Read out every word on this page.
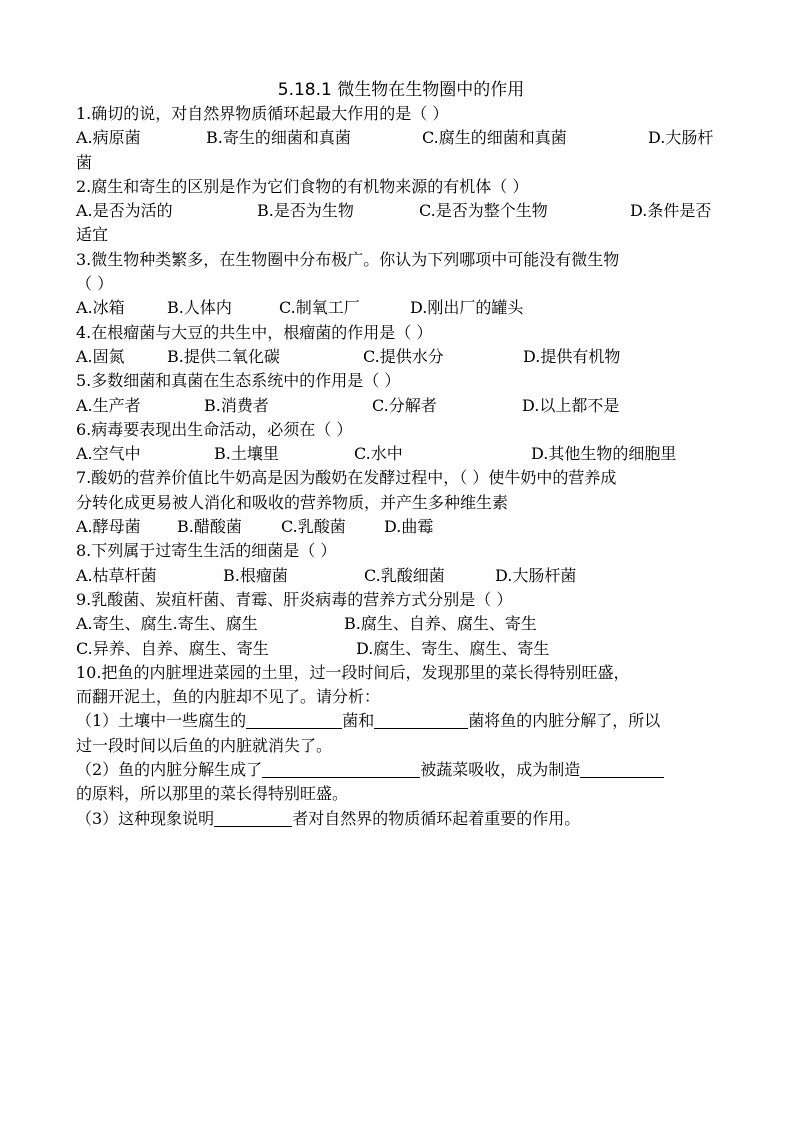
5.18.1 微生物在生物圈中的作用
1.确切的说，对自然界物质循环起最大作用的是（ ）
A.病原菌	B.寄生的细菌和真菌	C.腐生的细菌和真菌	D.大肠杆
菌
2.腐生和寄生的区别是作为它们食物的有机物来源的有机体（ ）
A.是否为活的	B.是否为生物	C.是否为整个生物	D.条件是否
适宜
3.微生物种类繁多，在生物圈中分布极广。你认为下列哪项中可能没有微生物
（ ）
A.冰箱	B.人体内	C.制氧工厂	D.刚出厂的罐头
4.在根瘤菌与大豆的共生中，根瘤菌的作用是（ ）
A.固氮	B.提供二氧化碳	C.提供水分	D.提供有机物
5.多数细菌和真菌在生态系统中的作用是（ ）
A.生产者	B.消费者	C.分解者	D.以上都不是
6.病毒要表现出生命活动，必须在（ ）
A.空气中	B.土壤里	C.水中	D.其他生物的细胞里
7.酸奶的营养价值比牛奶高是因为酸奶在发酵过程中，（ ）使牛奶中的营养成
分转化成更易被人消化和吸收的营养物质，并产生多种维生素
A.酵母菌	B.醋酸菌	C.乳酸菌	D.曲霉
8.下列属于过寄生生活的细菌是（ ）
A.枯草杆菌	B.根瘤菌	C.乳酸细菌	D.大肠杆菌
9.乳酸菌、炭疽杆菌、青霉、肝炎病毒的营养方式分别是（ ）
A.寄生、腐生.寄生、腐生	B.腐生、自养、腐生、寄生
C.异养、自养、腐生、寄生	D.腐生、寄生、腐生、寄生
10.把鱼的内脏埋进菜园的土里，过一段时间后，发现那里的菜长得特别旺盛，
而翻开泥土，鱼的内脏却不见了。请分析：
（1）土壤中一些腐生的	菌和	菌将鱼的内脏分解了，所以
过一段时间以后鱼的内脏就消失了。
（2）鱼的内脏分解生成了	被蔬菜吸收，成为制造
的原料，所以那里的菜长得特别旺盛。
（3）这种现象说明	者对自然界的物质循环起着重要的作用。
